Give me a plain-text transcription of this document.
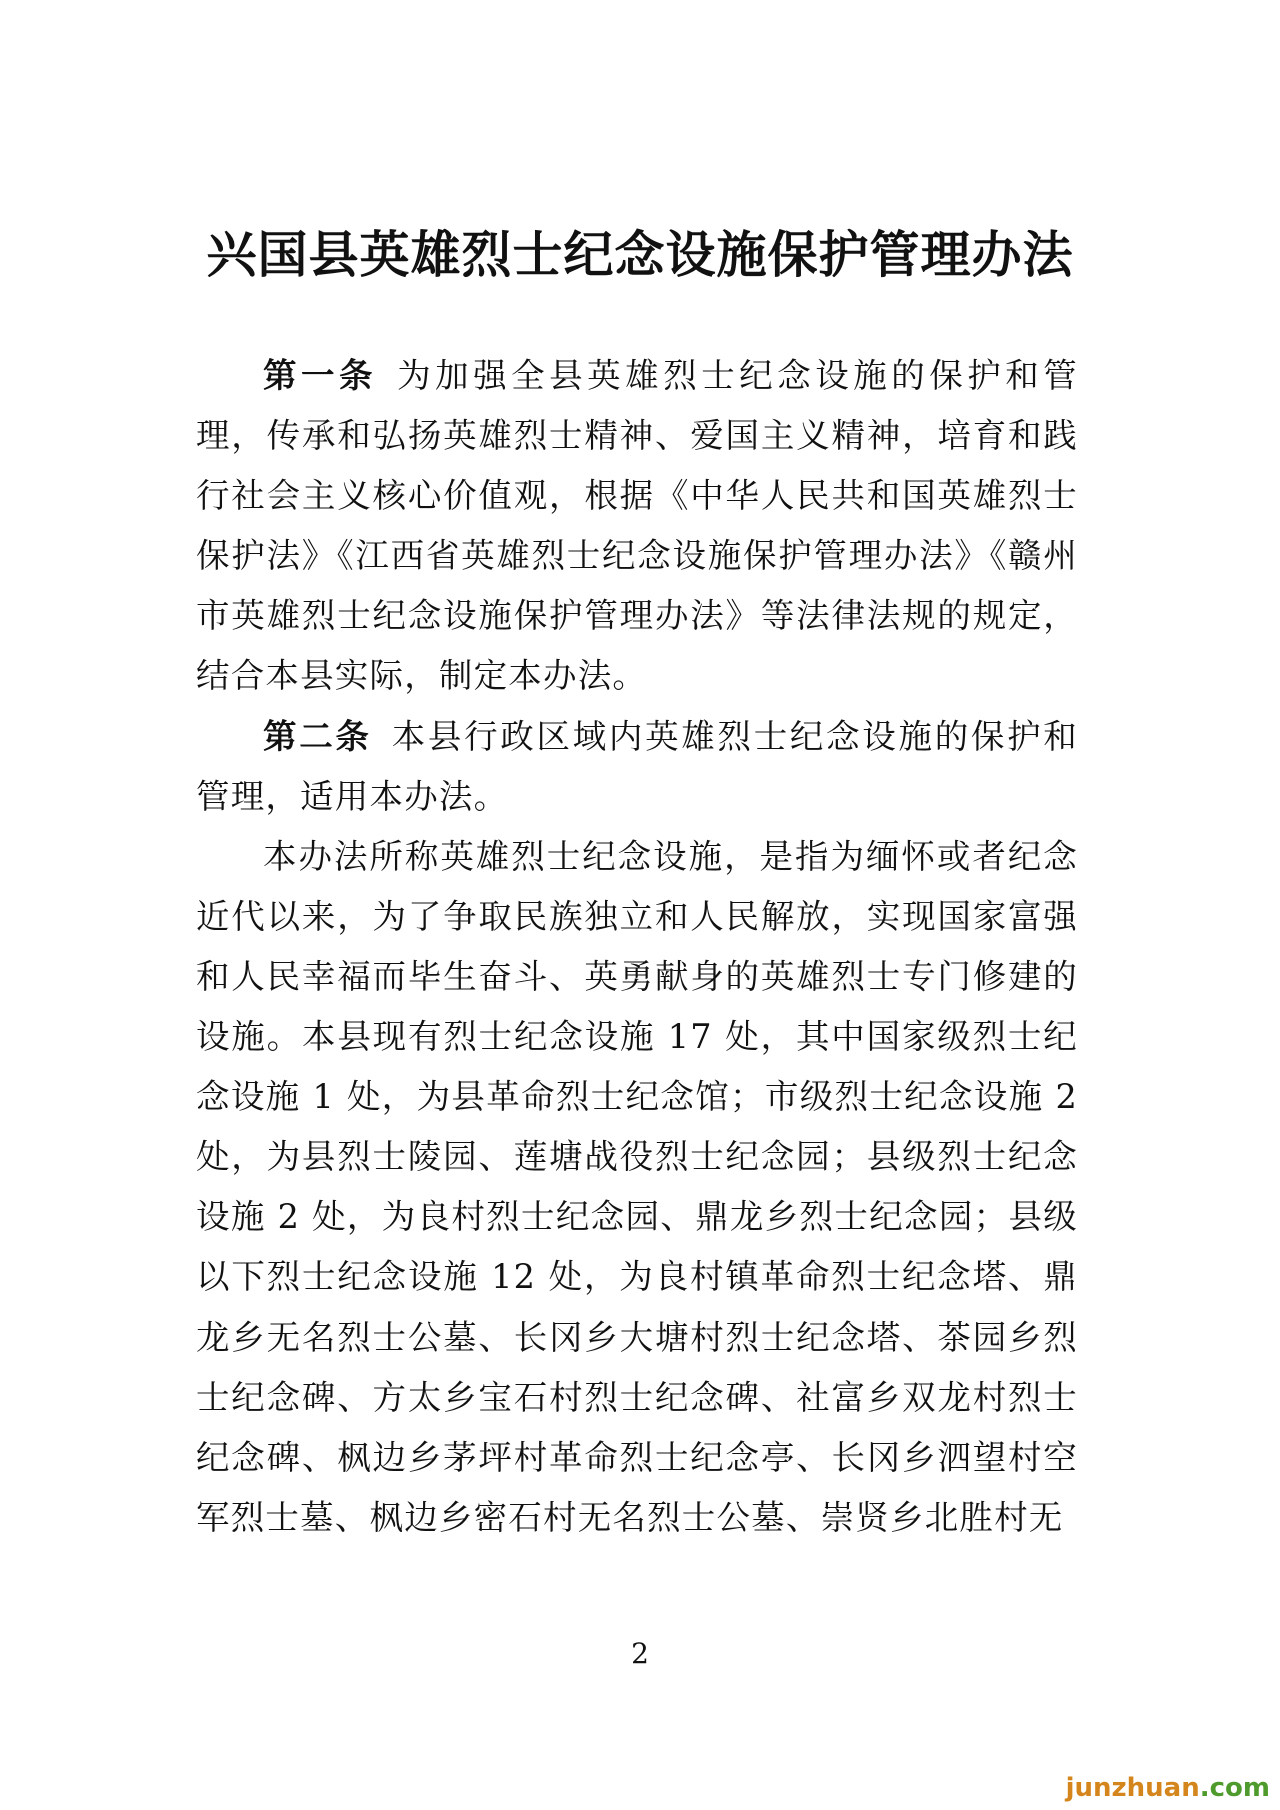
兴国县英雄烈士纪念设施保护管理办法

第一条 为加强全县英雄烈士纪念设施的保护和管理，传承和弘扬英雄烈士精神、爱国主义精神，培育和践行社会主义核心价值观，根据《中华人民共和国英雄烈士保护法》《江西省英雄烈士纪念设施保护管理办法》《赣州市英雄烈士纪念设施保护管理办法》等法律法规的规定，结合本县实际，制定本办法。

第二条 本县行政区域内英雄烈士纪念设施的保护和管理，适用本办法。

本办法所称英雄烈士纪念设施，是指为缅怀或者纪念近代以来，为了争取民族独立和人民解放，实现国家富强和人民幸福而毕生奋斗、英勇献身的英雄烈士专门修建的设施。本县现有烈士纪念设施 17 处，其中国家级烈士纪念设施 1 处，为县革命烈士纪念馆；市级烈士纪念设施 2 处，为县烈士陵园、莲塘战役烈士纪念园；县级烈士纪念设施 2 处，为良村烈士纪念园、鼎龙乡烈士纪念园；县级以下烈士纪念设施 12 处，为良村镇革命烈士纪念塔、鼎龙乡无名烈士公墓、长冈乡大塘村烈士纪念塔、茶园乡烈士纪念碑、方太乡宝石村烈士纪念碑、社富乡双龙村烈士纪念碑、枫边乡茅坪村革命烈士纪念亭、长冈乡泗望村空军烈士墓、枫边乡密石村无名烈士公墓、崇贤乡北胜村无

2
junzhuan.com
